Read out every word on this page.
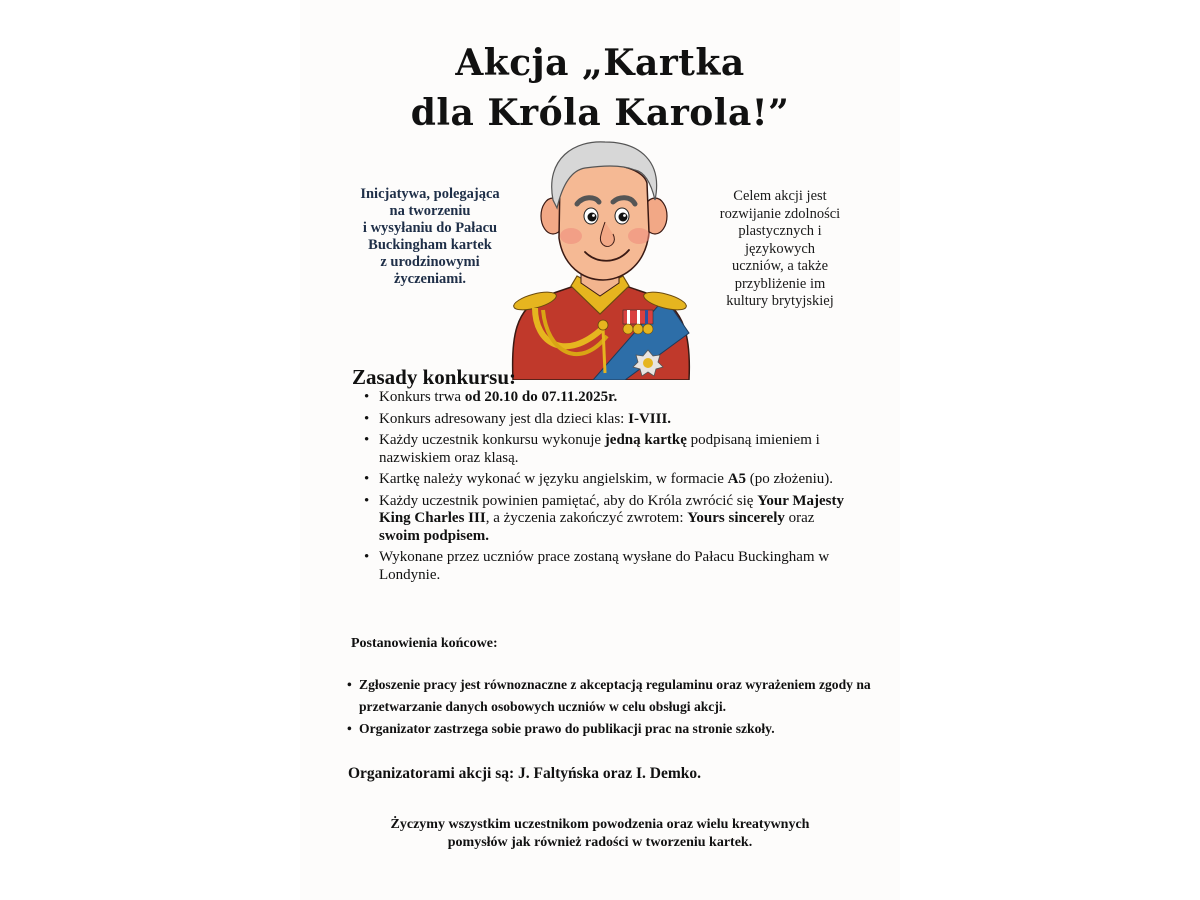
Akcja „Kartka
dla Króla Karola!”
Inicjatywa, polegająca
na tworzeniu
i wysyłaniu do Pałacu
Buckingham kartek
z urodzinowymi
życzeniami.
Celem akcji jest
rozwijanie zdolności
plastycznych i
językowych
uczniów, a także
przybliżenie im
kultury brytyjskiej
Zasady konkursu:
• Konkurs trwa od 20.10 do 07.11.2025r.
• Konkurs adresowany jest dla dzieci klas: I-VIII.
• Każdy uczestnik konkursu wykonuje jedną kartkę podpisaną imieniem i nazwiskiem oraz klasą.
• Kartkę należy wykonać w języku angielskim, w formacie A5 (po złożeniu).
• Każdy uczestnik powinien pamiętać, aby do Króla zwrócić się Your Majesty King Charles III, a życzenia zakończyć zwrotem: Yours sincerely oraz swoim podpisem.
• Wykonane przez uczniów prace zostaną wysłane do Pałacu Buckingham w Londynie.
Postanowienia końcowe:
• Zgłoszenie pracy jest równoznaczne z akceptacją regulaminu oraz wyrażeniem zgody na przetwarzanie danych osobowych uczniów w celu obsługi akcji.
• Organizator zastrzega sobie prawo do publikacji prac na stronie szkoły.
Organizatorami akcji są: J. Faltyńska oraz I. Demko.
Życzymy wszystkim uczestnikom powodzenia oraz wielu kreatywnych
pomysłów jak również radości w tworzeniu kartek.
